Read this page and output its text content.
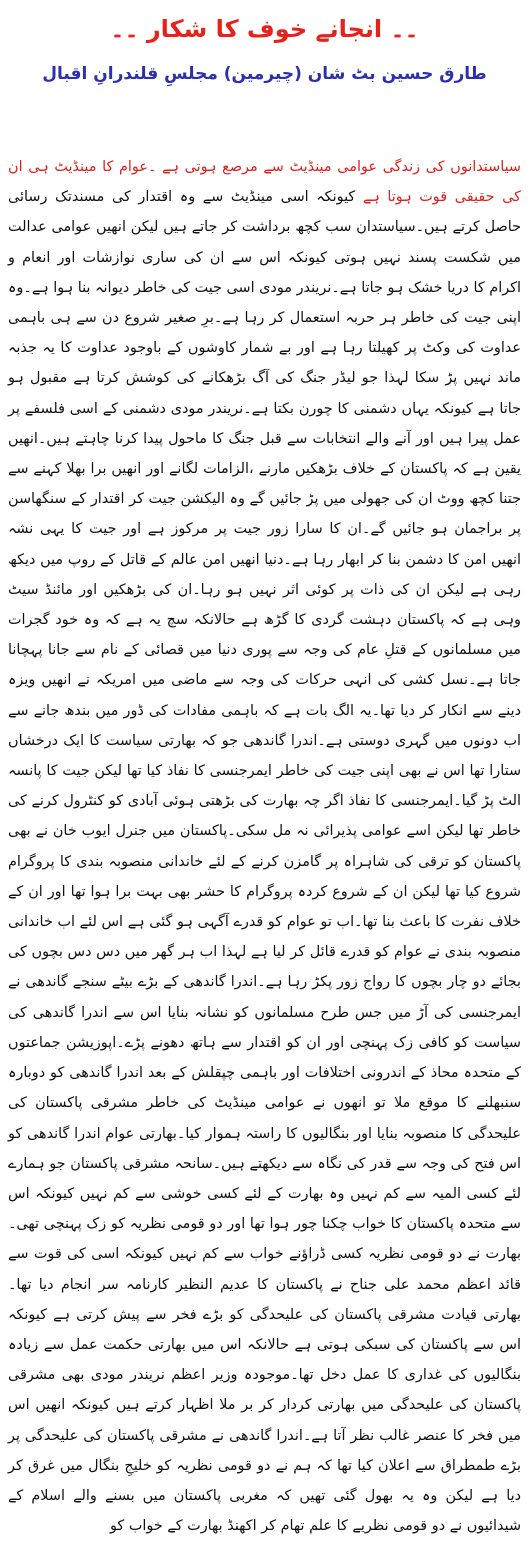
۔۔ انجانے خوف کا شکار ۔۔
طارق حسین بٹ شان (چیرمین) مجلسِ قلندرانِ اقبال
سیاستدانوں کی زندگی عوامی مینڈیٹ سے مرصع ہوتی ہے ۔عوام کا مینڈیٹ ہی ان کی حقیقی قوت ہوتا ہے کیونکہ اسی مینڈیٹ سے وہ اقتدار کی مسندتک رسائی حاصل کرتے ہیں۔سیاستدان سب کچھ برداشت کر جاتے ہیں لیکن انھیں عوامی عدالت میں شکست پسند نہیں ہوتی کیونکہ اس سے ان کی ساری نوازشات اور انعام و اکرام کا دریا خشک ہو جاتا ہے۔نریندر مودی اسی جیت کی خاطر دیوانہ بنا ہوا ہے۔وہ اپنی جیت کی خاطر ہر حربہ استعمال کر رہا ہے۔برِ صغیر شروع دن سے ہی باہمی عداوت کی وکٹ پر کھیلتا رہا ہے اور بے شمار کاوشوں کے باوجود عداوت کا یہ جذبہ ماند نہیں پڑ سکا لہذا جو لیڈر جنگ کی آگ بڑھکانے کی کوشش کرتا ہے مقبول ہو جاتا ہے کیونکہ یہاں دشمنی کا چورن بکتا ہے۔نریندر مودی دشمنی کے اسی فلسفے پر عمل پیرا ہیں اور آنے والے انتخابات سے قبل جنگ کا ماحول پیدا کرنا چاہتے ہیں۔انھیں یقین ہے کہ پاکستان کے خلاف بڑھکیں مارنے ،الزامات لگانے اور انھیں برا بھلا کہنے سے جتنا کچھ ووٹ ان کی جھولی میں پڑ جائیں گے وہ الیکشن جیت کر اقتدار کے سنگھاسن پر براجمان ہو جائیں گے۔ان کا سارا زور جیت پر مرکوز ہے اور جیت کا یہی نشہ انھیں امن کا دشمن بنا کر ابھار رہا ہے۔دنیا انھیں امن عالم کے قاتل کے روپ میں دیکھ رہی ہے لیکن ان کی ذات پر کوئی اثر نہیں ہو رہا۔ان کی بڑھکیں اور مائنڈ سیٹ وہی ہے کہ پاکستان دہشت گردی کا گڑھ ہے حالانکہ سچ یہ ہے کہ وہ خود گجرات میں مسلمانوں کے قتلِ عام کی وجہ سے پوری دنیا میں قصائی کے نام سے جانا پہچانا جاتا ہے۔نسل کشی کی انہی حرکات کی وجہ سے ماضی میں امریکہ نے انھیں ویزہ دینے سے انکار کر دیا تھا۔یہ الگ بات ہے کہ باہمی مفادات کی ڈور میں بندھ جانے سے اب دونوں میں گہری دوستی ہے۔اندرا گاندھی جو کہ بھارتی سیاست کا ایک درخشاں ستارا تھا اس نے بھی اپنی جیت کی خاطر ایمرجنسی کا نفاذ کیا تھا لیکن جیت کا پانسہ الٹ پڑ گیا۔ایمرجنسی کا نفاذ اگر چہ بھارت کی بڑھتی ہوئی آبادی کو کنٹرول کرنے کی خاطر تھا لیکن اسے عوامی پذیرائی نہ مل سکی۔پاکستان میں جنرل ایوب خان نے بھی پاکستان کو ترقی کی شاہراہ پر گامزن کرنے کے لئے خاندانی منصوبہ بندی کا پروگرام شروع کیا تھا لیکن ان کے شروع کردہ پروگرام کا حشر بھی بہت برا ہوا تھا اور ان کے خلاف نفرت کا باعث بنا تھا۔اب تو عوام کو قدرے آگہی ہو گئی ہے اس لئے اب خاندانی منصوبہ بندی نے عوام کو قدرے قائل کر لیا ہے لہذا اب ہر گھر میں دس دس بچوں کی بجائے دو چار بچوں کا رواج زور پکڑ رہا ہے۔اندرا گاندھی کے بڑے بیٹے سنجے گاندھی نے ایمرجنسی کی آڑ میں جس طرح مسلمانوں کو نشانہ بنایا اس سے اندرا گاندھی کی سیاست کو کافی زک پہنچی اور ان کو اقتدار سے ہاتھ دھونے پڑے۔اپوزیشن جماعتوں کے متحدہ محاذ کے اندرونی اختلافات اور باہمی چپقلش کے بعد اندرا گاندھی کو دوبارہ سنبھلنے کا موقع ملا تو انھوں نے عوامی مینڈیٹ کی خاطر مشرقی پاکستان کی علیحدگی کا منصوبہ بنایا اور بنگالیوں کا راستہ ہموار کیا۔بھارتی عوام اندرا گاندھی کو اس فتح کی وجہ سے قدر کی نگاہ سے دیکھتے ہیں۔سانحہ مشرقی پاکستان جو ہمارے لئے کسی المیہ سے کم نہیں وہ بھارت کے لئے کسی خوشی سے کم نہیں کیونکہ اس سے متحدہ پاکستان کا خواب چکنا چور ہوا تھا اور دو قومی نظریہ کو زک پہنچی تھی۔بھارت نے دو قومی نظریہ کسی ڈراؤنے خواب سے کم نہیں کیونکہ اسی کی قوت سے قائد اعظم محمد علی جناح نے پاکستان کا عدیم النظیر کارنامہ سر انجام دیا تھا۔بھارتی قیادت مشرقی پاکستان کی علیحدگی کو بڑے فخر سے پیش کرتی ہے کیونکہ اس سے پاکستان کی سبکی ہوتی ہے حالانکہ اس میں بھارتی حکمت عمل سے زیادہ بنگالیوں کی غداری کا عمل دخل تھا۔موجودہ وزیر اعظم نریندر مودی بھی مشرقی پاکستان کی علیحدگی میں بھارتی کردار کر بر ملا اظہار کرتے ہیں کیونکہ انھیں اس میں فخر کا عنصر غالب نظر آتا ہے۔اندرا گاندھی نے مشرقی پاکستان کی علیحدگی پر بڑے طمطراق سے اعلان کیا تھا کہ ہم نے دو قومی نظریہ کو خلیجِ بنگال میں غرق کر دیا ہے لیکن وہ یہ بھول گئی تھیں کہ مغربی پاکستان میں بسنے والے اسلام کے شیدائیوں نے دو قومی نظریے کا علم تھام کر اکھنڈ بھارت کے خواب کو
